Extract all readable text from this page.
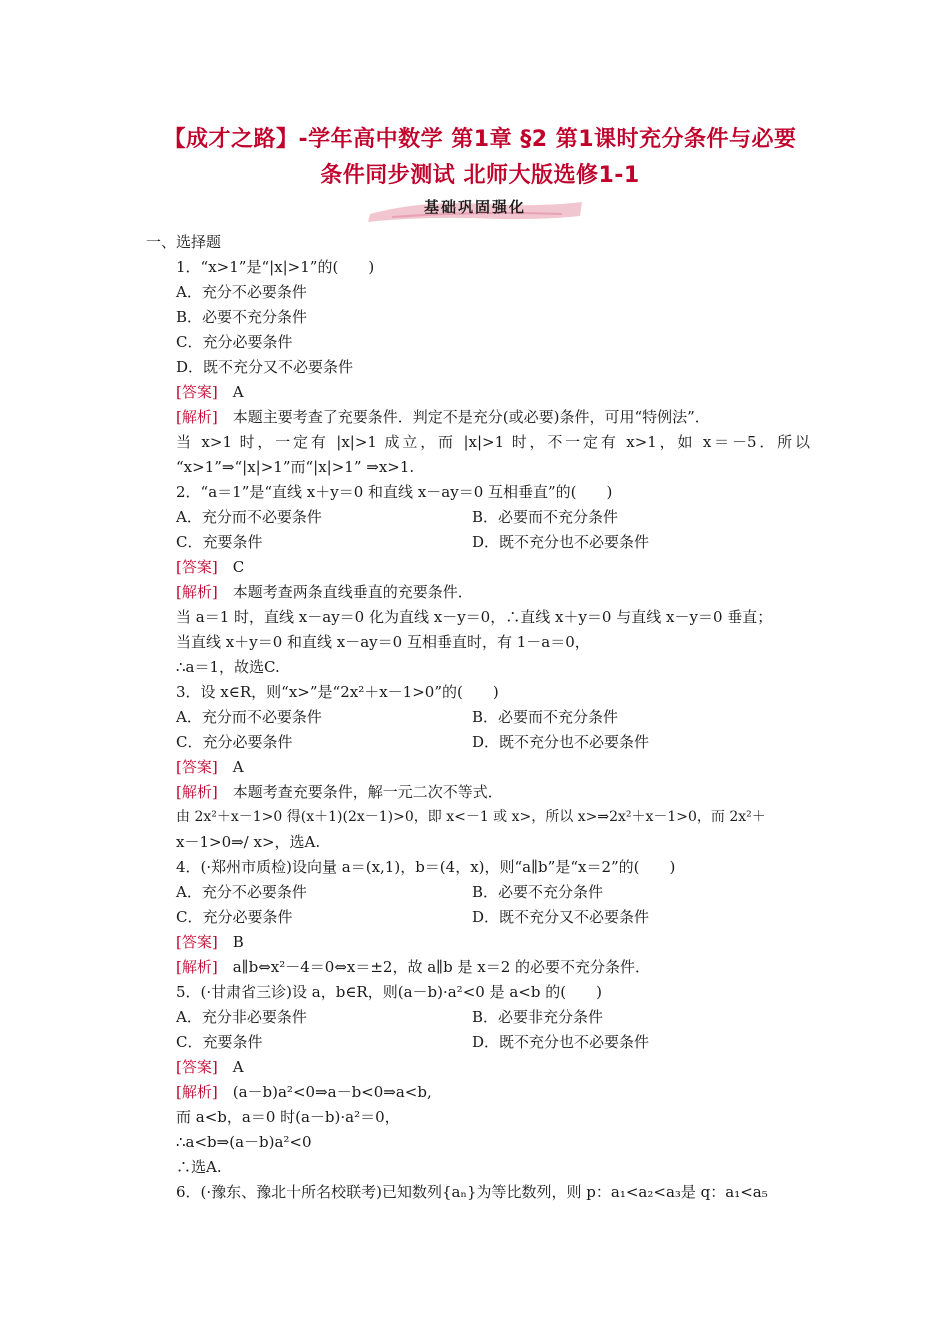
【成才之路】-学年高中数学 第1章 §2 第1课时充分条件与必要
条件同步测试 北师大版选修1-1
基础巩固强化
一、选择题
1．“x>1”是“|x|>1”的(　　)
A．充分不必要条件
B．必要不充分条件
C．充分必要条件
D．既不充分又不必要条件
[答案]　 A
[解析]　 本题主要考查了充要条件．判定不是充分(或必要)条件，可用“特例法”．
当 x>1 时，一定有 |x|>1 成立，而 |x|>1 时，不一定有 x>1，如 x＝－5．所以
“x>1”⇒“|x|>1”而“|x|>1” ⇒x>1.
2．“a＝1”是“直线 x＋y＝0 和直线 x－ay＝0 互相垂直”的(　　)
A．充分而不必要条件	B．必要而不充分条件
C．充要条件	D．既不充分也不必要条件
[答案]　 C
[解析]　 本题考查两条直线垂直的充要条件．
当 a＝1 时，直线 x－ay＝0 化为直线 x－y＝0，∴直线 x＋y＝0 与直线 x－y＝0 垂直；
当直线 x＋y＝0 和直线 x－ay＝0 互相垂直时，有 1－a＝0，
∴a＝1，故选C.
3．设 x∈R，则“x>”是“2x²＋x－1>0”的(　　)
A．充分而不必要条件	B．必要而不充分条件
C．充分必要条件	D．既不充分也不必要条件
[答案]　 A
[解析]　 本题考查充要条件，解一元二次不等式．
由 2x²＋x－1>0 得(x＋1)(2x－1)>0，即 x<－1 或 x>，所以 x>⇒2x²＋x－1>0，而 2x²＋
x－1>0⇒/ x>，选A.
4．(·郑州市质检)设向量 a＝(x,1)，b＝(4，x)，则“a∥b”是“x＝2”的(　　)
A．充分不必要条件	B．必要不充分条件
C．充分必要条件	D．既不充分又不必要条件
[答案]　 B
[解析]　 a∥b⇔x²－4＝0⇔x＝±2，故 a∥b 是 x＝2 的必要不充分条件．
5．(·甘肃省三诊)设 a，b∈R，则(a－b)·a²<0 是 a<b 的(　　)
A．充分非必要条件	B．必要非充分条件
C．充要条件	D．既不充分也不必要条件
[答案]　 A
[解析]　 (a－b)a²<0⇒a－b<0⇒a<b,
而 a<b，a＝0 时(a－b)·a²＝0，
∴a<b⇒(a－b)a²<0
∴选A.
6．(·豫东、豫北十所名校联考)已知数列{aₙ}为等比数列，则 p：a₁<a₂<a₃是 q：a₁<a₅
